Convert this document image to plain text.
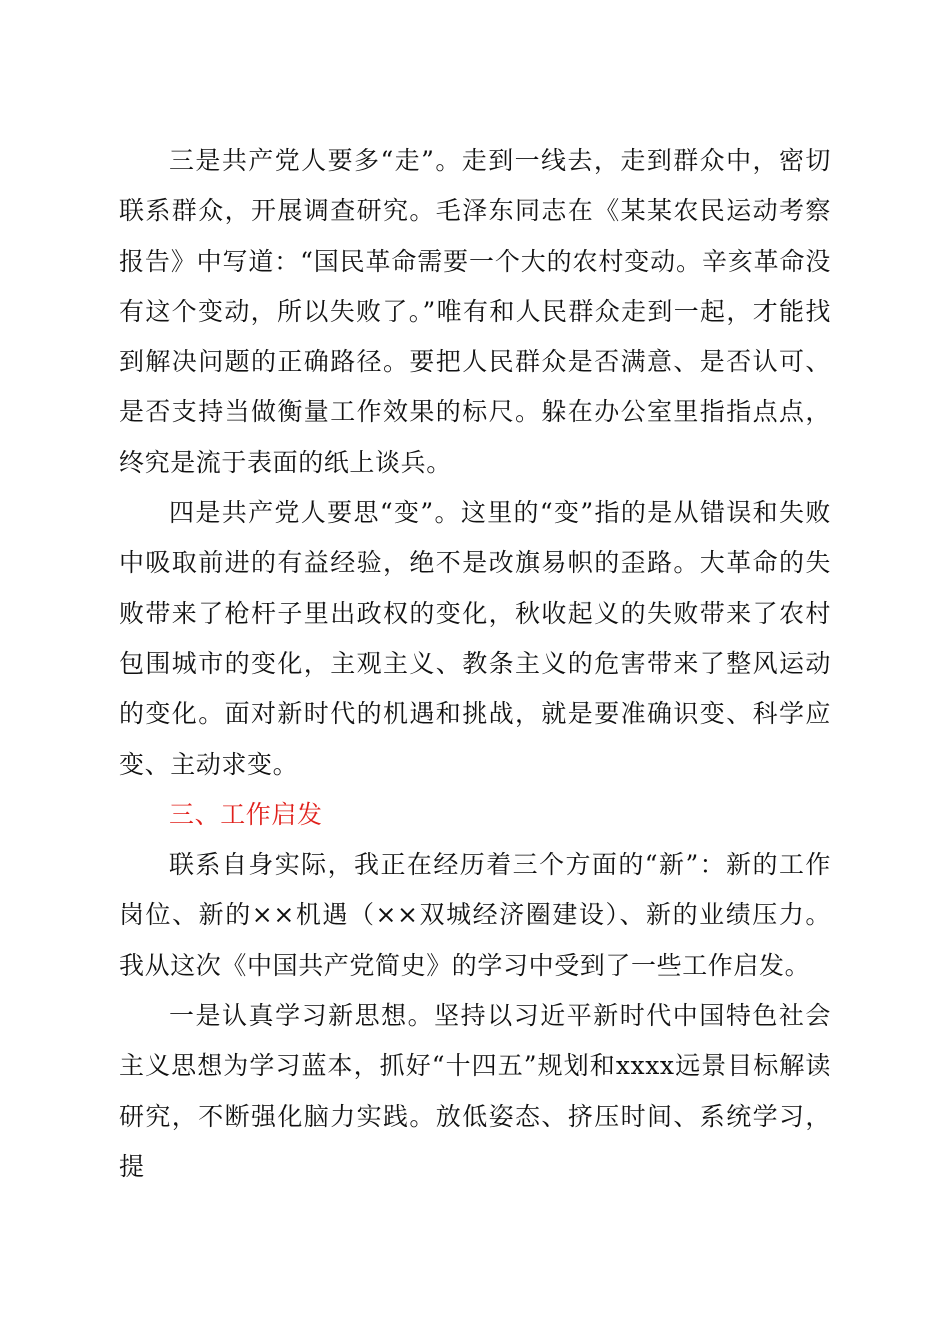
三是共产党人要多“走”。走到一线去，走到群众中，密切联系群众，开展调查研究。毛泽东同志在《某某农民运动考察报告》中写道：“国民革命需要一个大的农村变动。辛亥革命没有这个变动，所以失败了。”唯有和人民群众走到一起，才能找到解决问题的正确路径。要把人民群众是否满意、是否认可、是否支持当做衡量工作效果的标尺。躲在办公室里指指点点，终究是流于表面的纸上谈兵。

四是共产党人要思“变”。这里的“变”指的是从错误和失败中吸取前进的有益经验，绝不是改旗易帜的歪路。大革命的失败带来了枪杆子里出政权的变化，秋收起义的失败带来了农村包围城市的变化，主观主义、教条主义的危害带来了整风运动的变化。面对新时代的机遇和挑战，就是要准确识变、科学应变、主动求变。

三、工作启发

联系自身实际，我正在经历着三个方面的“新”：新的工作岗位、新的××机遇（××双城经济圈建设）、新的业绩压力。我从这次《中国共产党简史》的学习中受到了一些工作启发。

一是认真学习新思想。坚持以习近平新时代中国特色社会主义思想为学习蓝本，抓好“十四五”规划和xxxx远景目标解读研究，不断强化脑力实践。放低姿态、挤压时间、系统学习，提
